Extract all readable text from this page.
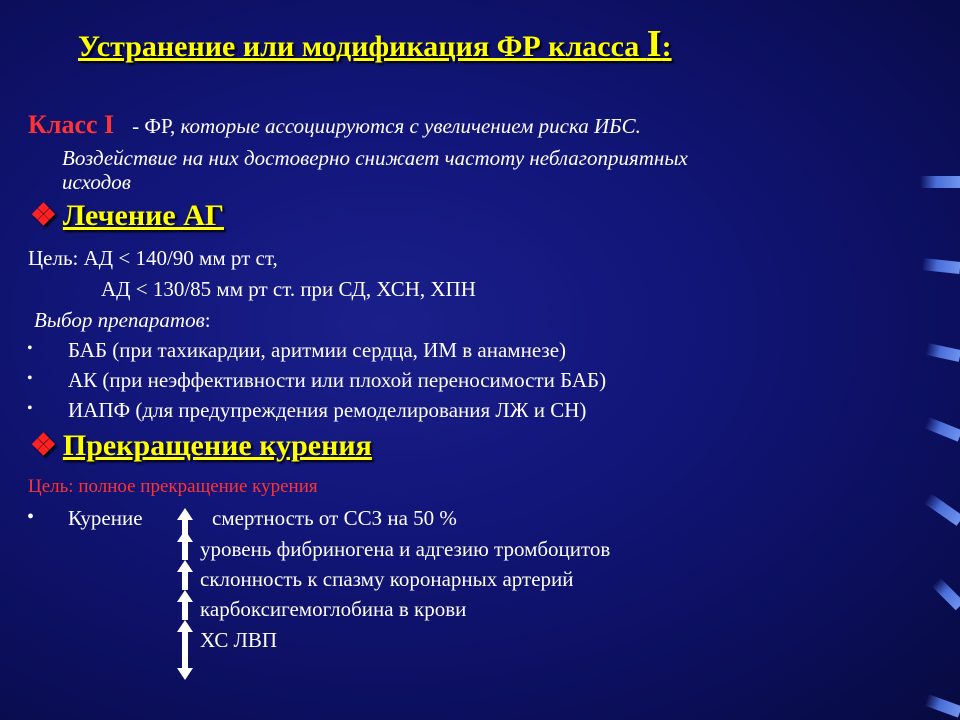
Устранение или модификация ФР класса I:
Класс I - ФР, которые ассоциируются с увеличением риска ИБС.
Воздействие на них достоверно снижает частоту неблагоприятных
исходов
❖ Лечение АГ
Цель: АД < 140/90 мм рт ст,
АД < 130/85 мм рт ст. при СД, ХСН, ХПН
Выбор препаратов:
• БАБ (при тахикардии, аритмии сердца, ИМ в анамнезе)
• АК (при неэффективности или плохой переносимости БАБ)
• ИАПФ (для предупреждения ремоделирования ЛЖ и СН)
❖ Прекращение курения
Цель: полное прекращение курения
• Курение	смертность от ССЗ на 50 %
уровень фибриногена и адгезию тромбоцитов
склонность к спазму коронарных артерий
карбоксигемоглобина в крови
ХС ЛВП
